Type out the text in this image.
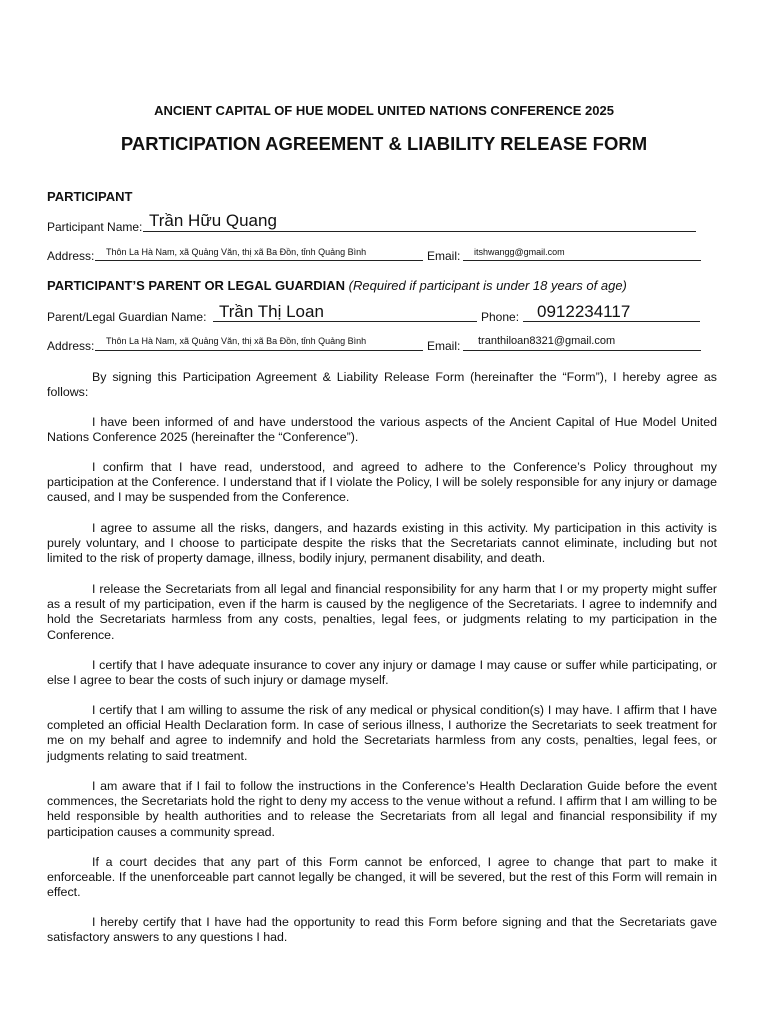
ANCIENT CAPITAL OF HUE MODEL UNITED NATIONS CONFERENCE 2025
PARTICIPATION AGREEMENT & LIABILITY RELEASE FORM
PARTICIPANT
Participant Name: Trần Hữu Quang
Address: Thôn La Hà Nam, xã Quảng Văn, thị xã Ba Đồn, tỉnh Quảng Bình	Email: itshwangg@gmail.com
PARTICIPANT’S PARENT OR LEGAL GUARDIAN (Required if participant is under 18 years of age)
Parent/Legal Guardian Name: Trần Thị Loan	Phone: 0912234117
Address: Thôn La Hà Nam, xã Quảng Văn, thị xã Ba Đồn, tỉnh Quảng Bình	Email: tranthiloan8321@gmail.com
By signing this Participation Agreement & Liability Release Form (hereinafter the “Form”), I hereby agree as follows:
I have been informed of and have understood the various aspects of the Ancient Capital of Hue Model United Nations Conference 2025 (hereinafter the “Conference”).
I confirm that I have read, understood, and agreed to adhere to the Conference’s Policy throughout my participation at the Conference. I understand that if I violate the Policy, I will be solely responsible for any injury or damage caused, and I may be suspended from the Conference.
I agree to assume all the risks, dangers, and hazards existing in this activity. My participation in this activity is purely voluntary, and I choose to participate despite the risks that the Secretariats cannot eliminate, including but not limited to the risk of property damage, illness, bodily injury, permanent disability, and death.
I release the Secretariats from all legal and financial responsibility for any harm that I or my property might suffer as a result of my participation, even if the harm is caused by the negligence of the Secretariats. I agree to indemnify and hold the Secretariats harmless from any costs, penalties, legal fees, or judgments relating to my participation in the Conference.
I certify that I have adequate insurance to cover any injury or damage I may cause or suffer while participating, or else I agree to bear the costs of such injury or damage myself.
I certify that I am willing to assume the risk of any medical or physical condition(s) I may have. I affirm that I have completed an official Health Declaration form. In case of serious illness, I authorize the Secretariats to seek treatment for me on my behalf and agree to indemnify and hold the Secretariats harmless from any costs, penalties, legal fees, or judgments relating to said treatment.
I am aware that if I fail to follow the instructions in the Conference’s Health Declaration Guide before the event commences, the Secretariats hold the right to deny my access to the venue without a refund. I affirm that I am willing to be held responsible by health authorities and to release the Secretariats from all legal and financial responsibility if my participation causes a community spread.
If a court decides that any part of this Form cannot be enforced, I agree to change that part to make it enforceable. If the unenforceable part cannot legally be changed, it will be severed, but the rest of this Form will remain in effect.
I hereby certify that I have had the opportunity to read this Form before signing and that the Secretariats gave satisfactory answers to any questions I had.
